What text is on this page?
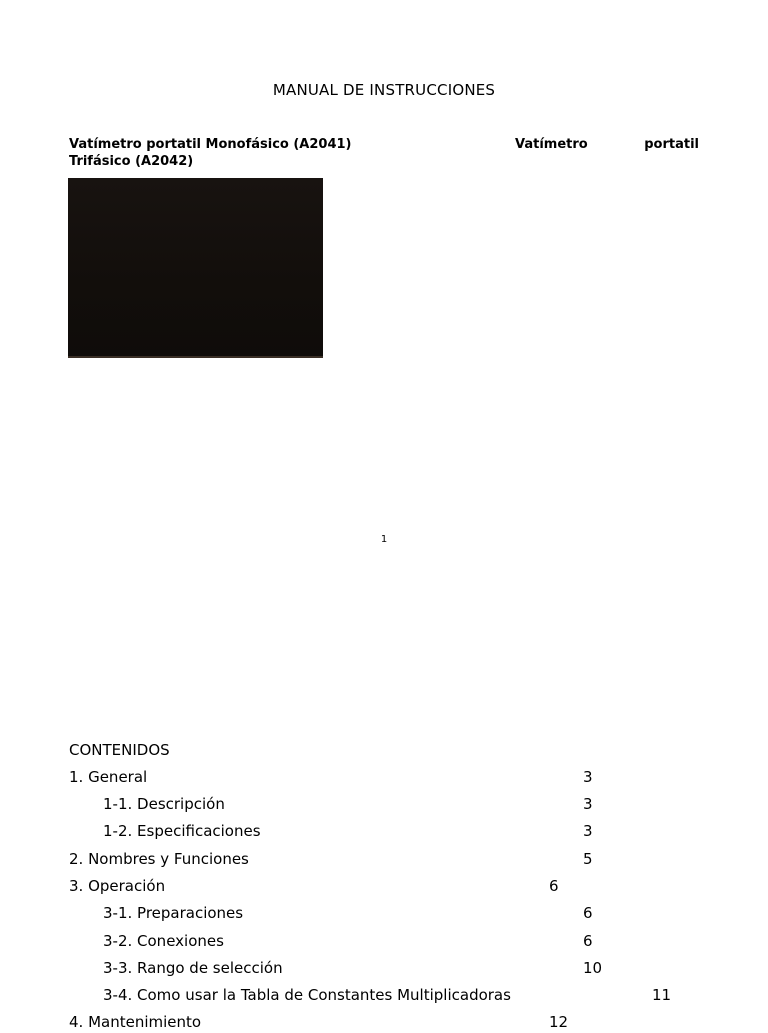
MANUAL DE INSTRUCCIONES
Vatímetro portatil Monofásico (A2041)	Vatímetro	portatil
Trifásico (A2042)
1
CONTENIDOS
1. General	3
1-1. Descripción	3
1-2. Especificaciones	3
2. Nombres y Funciones	5
3. Operación	6
3-1. Preparaciones	6
3-2. Conexiones	6
3-3. Rango de selección	10
3-4. Como usar la Tabla de Constantes Multiplicadoras	11
4. Mantenimiento	12
